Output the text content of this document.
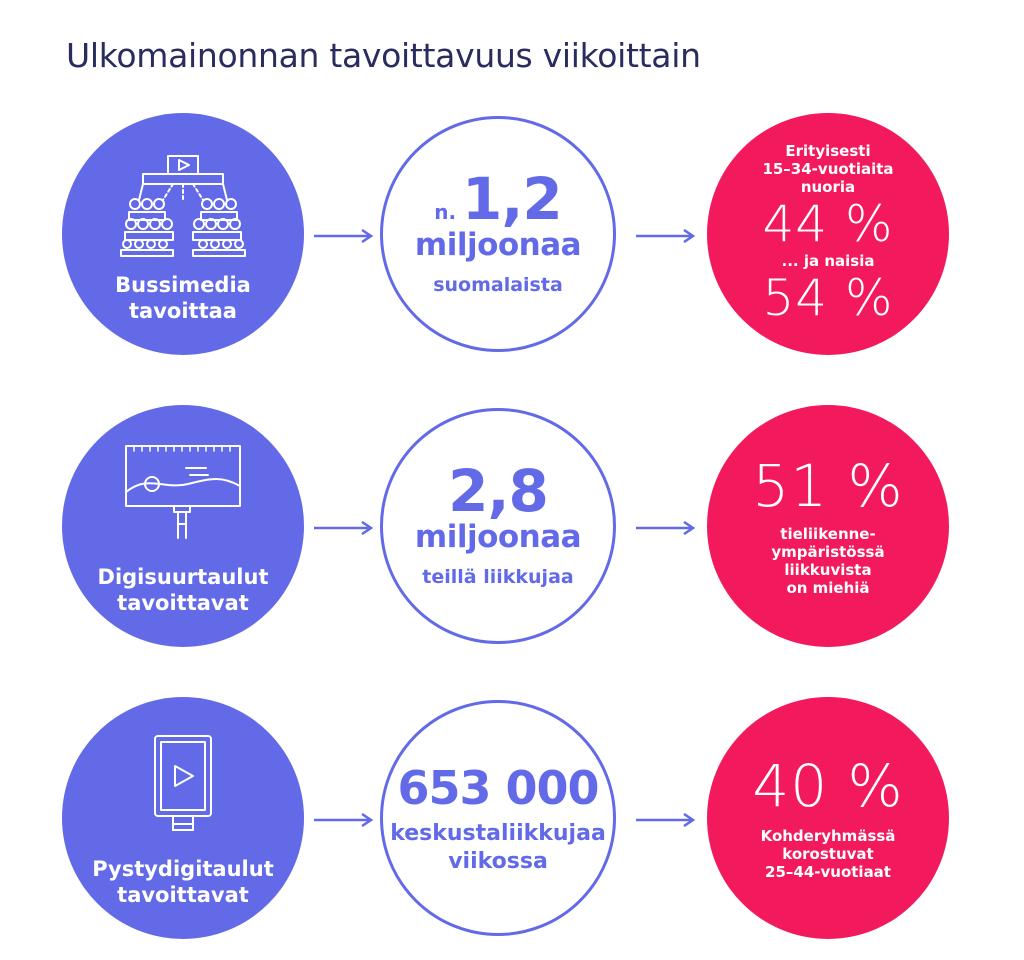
Ulkomainonnan tavoittavuus viikoittain
Bussimedia
tavoittaa
n. 1,2
miljoonaa
suomalaista
Erityisesti
15–34-vuotiaita
nuoria
44 %
... ja naisia
54 %
Digisuurtaulut
tavoittavat
2,8
miljoonaa
teillä liikkujaa
51 %
tieliikenne-
ympäristössä
liikkuvista
on miehiä
Pystydigitaulut
tavoittavat
653 000
keskustaliikkujaa
viikossa
40 %
Kohderyhmässä
korostuvat
25–44-vuotiaat
